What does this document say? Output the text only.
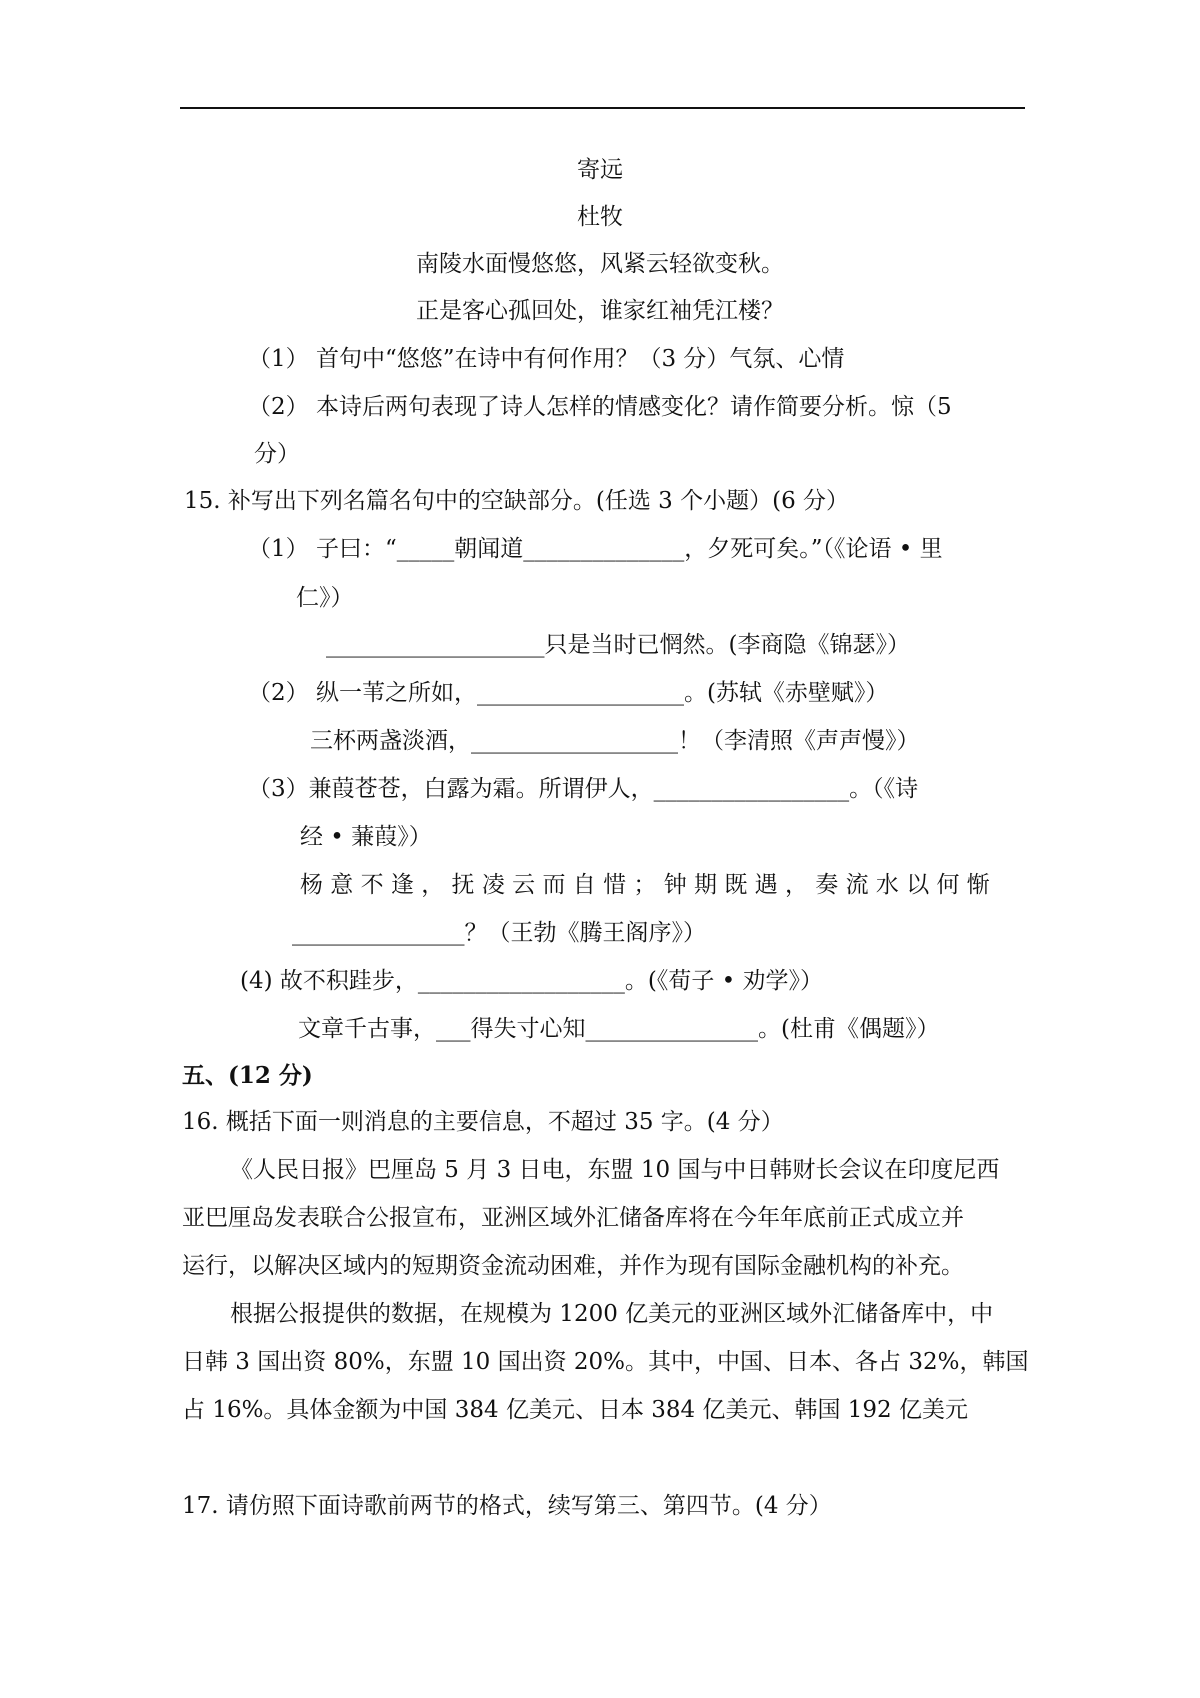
寄远
杜牧
南陵水面慢悠悠，风紧云轻欲变秋。
正是客心孤回处，谁家红袖凭江楼？
（1） 首句中“悠悠”在诗中有何作用？（3 分）气氛、心情
（2） 本诗后两句表现了诗人怎样的情感变化？请作简要分析。惊（5
分）
15. 补写出下列名篇名句中的空缺部分。(任选 3 个小题）(6 分）
（1） 子曰：“_____朝闻道______________，夕死可矣。”（《论语 • 里
仁》）
___________________只是当时已惘然。(李商隐《锦瑟》）
（2） 纵一苇之所如，__________________。(苏轼《赤壁赋》）
三杯两盏淡酒，__________________！（李清照《声声慢》）
（3）兼葭苍苍，白露为霜。所谓伊人，_________________。（《诗
经 • 蒹葭》）
杨 意 不 逢 ， 抚 凌 云 而 自 惜 ； 钟 期 既 遇 ， 奏 流 水 以 何 惭
_______________？（王勃《腾王阁序》）
(4) 故不积跬步，__________________。(《荀子 • 劝学》）
文章千古事，___得失寸心知_______________。(杜甫《偶题》）
五、(12 分)
16. 概括下面一则消息的主要信息，不超过 35 字。(4 分）
《人民日报》巴厘岛 5 月 3 日电，东盟 10 国与中日韩财长会议在印度尼西
亚巴厘岛发表联合公报宣布，亚洲区域外汇储备库将在今年年底前正式成立并
运行，以解决区域内的短期资金流动困难，并作为现有国际金融机构的补充。
根据公报提供的数据，在规模为 1200 亿美元的亚洲区域外汇储备库中，中
日韩 3 国出资 80%，东盟 10 国出资 20%。其中，中国、日本、各占 32%，韩国
占 16%。具体金额为中国 384 亿美元、日本 384 亿美元、韩国 192 亿美元
17. 请仿照下面诗歌前两节的格式，续写第三、第四节。(4 分）
